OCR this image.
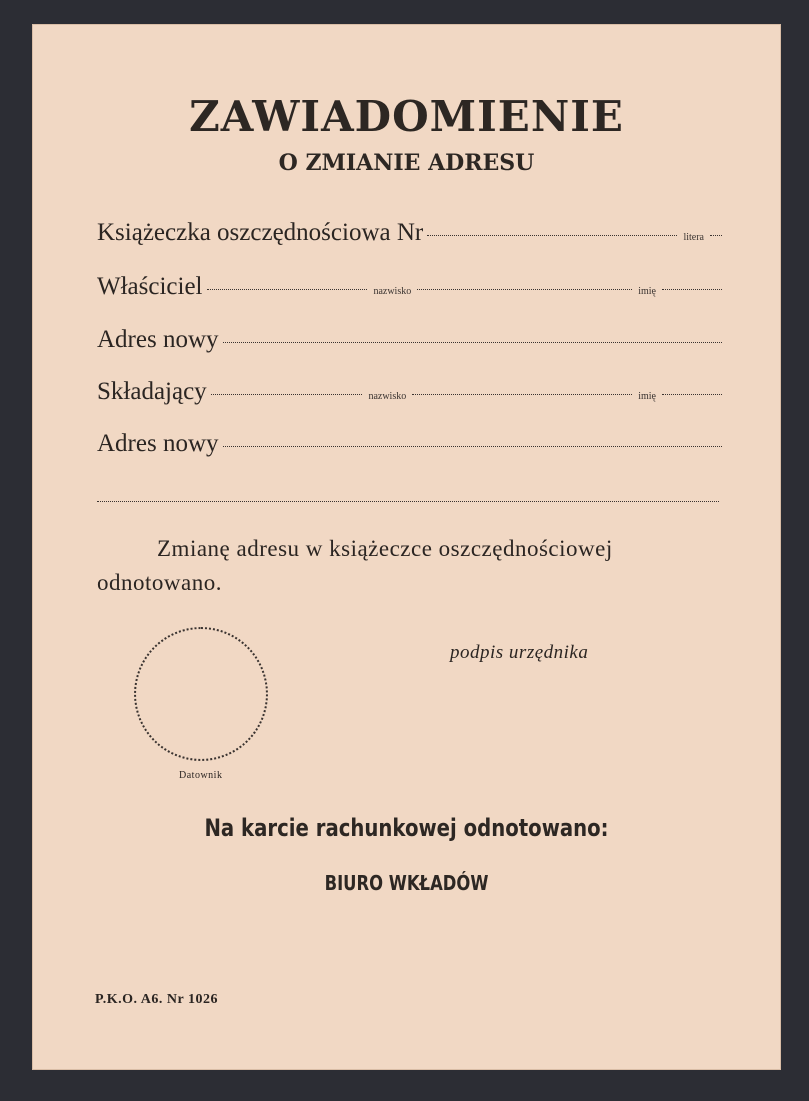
ZAWIADOMIENIE
O ZMIANIE ADRESU
Książeczka oszczędnościowa Nr	litera
Właściciel	nazwisko	imię
Adres nowy
Składający	nazwisko	imię
Adres nowy
Zmianę adresu w książeczce oszczędnościowej odnotowano.
podpis urzędnika
Datownik
Na karcie rachunkowej odnotowano:
BIURO WKŁADÓW
P.K.O. A6. Nr 1026
